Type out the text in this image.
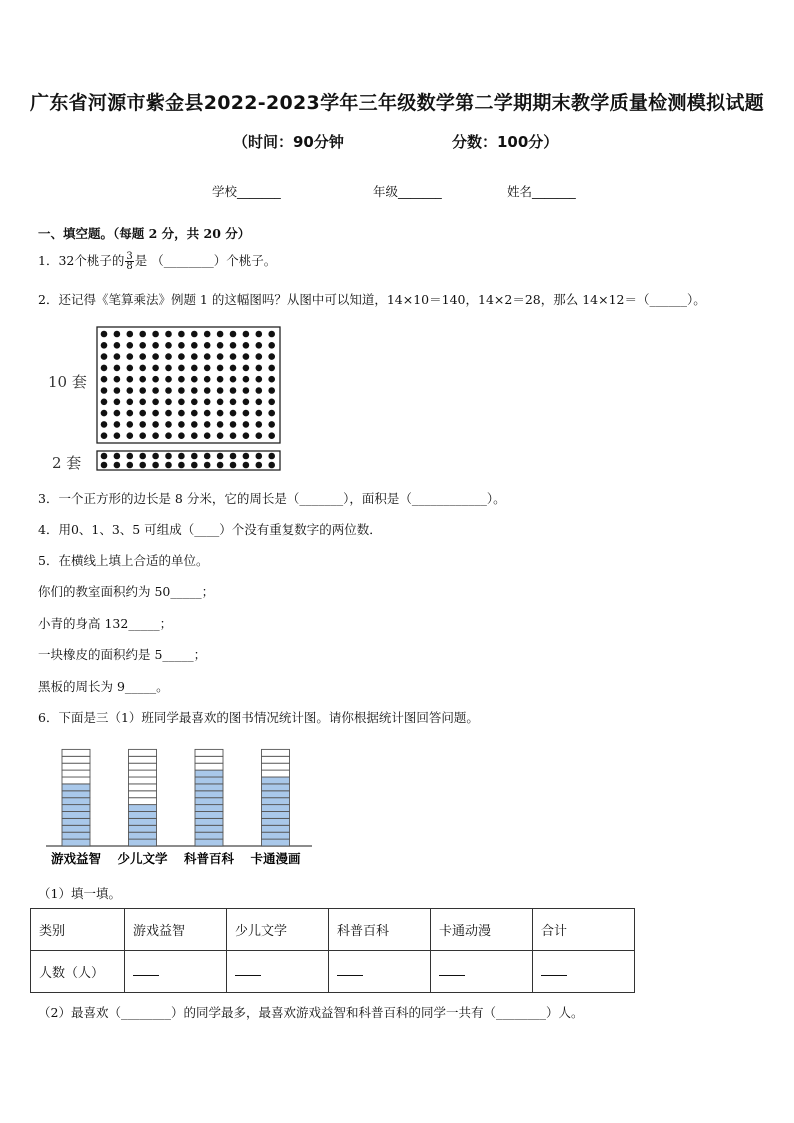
广东省河源市紫金县2022-2023学年三年级数学第二学期期末教学质量检测模拟试题
（时间：90分钟	分数：100分）
学校_______	年级_______	姓名_______
一、填空题。（每题 2 分，共 20 分）
1．32个桃子的 $\frac{3}{8}$ 是 （________）个桃子。
2．还记得《笔算乘法》例题 1 的这幅图吗？从图中可以知道，14×10＝140，14×2＝28，那么 14×12＝（______）。
10 套
2 套
3．一个正方形的边长是 8 分米，它的周长是（_______），面积是（____________）。
4．用0、1、3、5 可组成（____）个没有重复数字的两位数．
5．在横线上填上合适的单位。
你们的教室面积约为 50_____；
小青的身高 132_____；
一块橡皮的面积约是 5_____；
黑板的周长为 9_____。
6．下面是三（1）班同学最喜欢的图书情况统计图。请你根据统计图回答问题。
游戏益智 少儿文学 科普百科 卡通漫画
（1）填一填。
类别	游戏益智	少儿文学	科普百科	卡通动漫	合计
人数（人）					
（2）最喜欢（________）的同学最多，最喜欢游戏益智和科普百科的同学一共有（________）人。
